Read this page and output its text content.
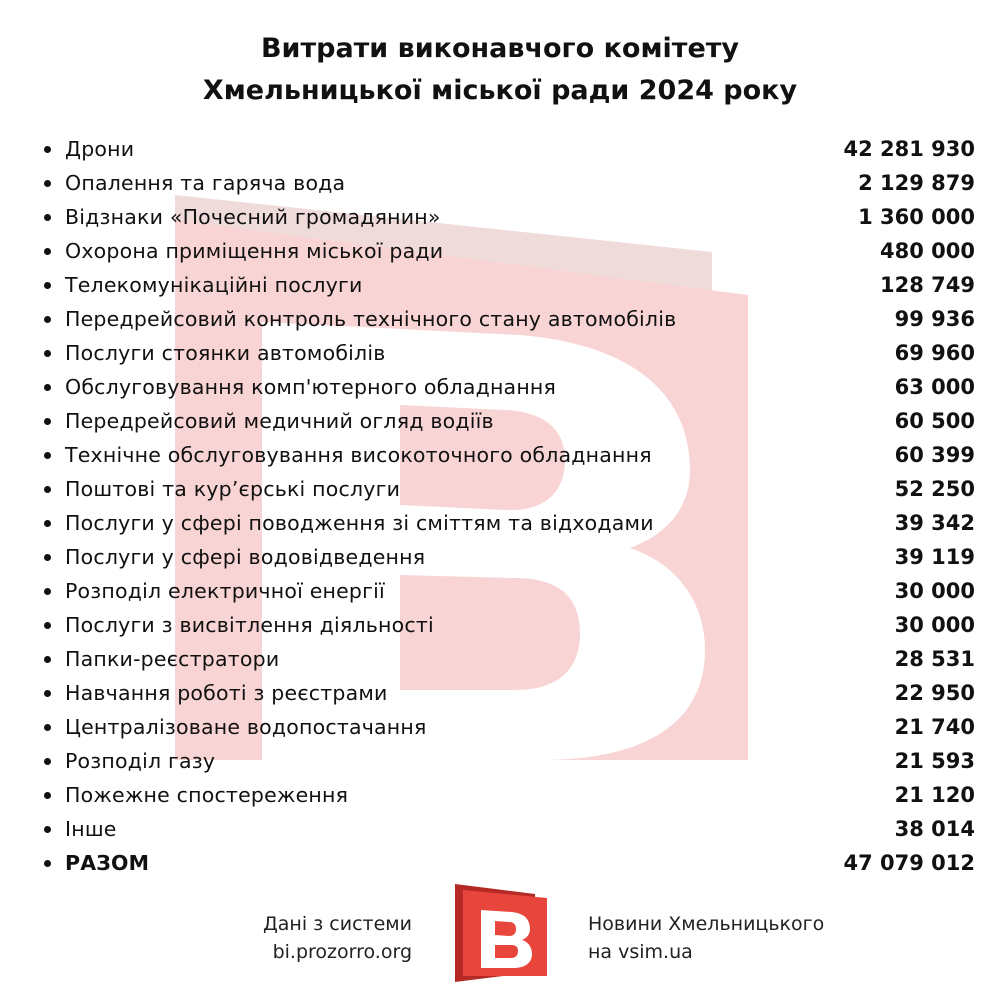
Витрати виконавчого комітету
Хмельницької міської ради 2024 року
Дрони	42 281 930
Опалення та гаряча вода	2 129 879
Відзнаки «Почесний громадянин»	1 360 000
Охорона приміщення міської ради	480 000
Телекомунікаційні послуги	128 749
Передрейсовий контроль технічного стану автомобілів	99 936
Послуги стоянки автомобілів	69 960
Обслуговування комп'ютерного обладнання	63 000
Передрейсовий медичний огляд водіїв	60 500
Технічне обслуговування високоточного обладнання	60 399
Поштові та кур’єрські послуги	52 250
Послуги у сфері поводження зі сміттям та відходами	39 342
Послуги у сфері водовідведення	39 119
Розподіл електричної енергії	30 000
Послуги з висвітлення діяльності	30 000
Папки-реєстратори	28 531
Навчання роботі з реєстрами	22 950
Централізоване водопостачання	21 740
Розподіл газу	21 593
Пожежне спостереження	21 120
Інше	38 014
РАЗОМ	47 079 012
Дані з системи
bi.prozorro.org
Новини Хмельницького
на vsim.ua
